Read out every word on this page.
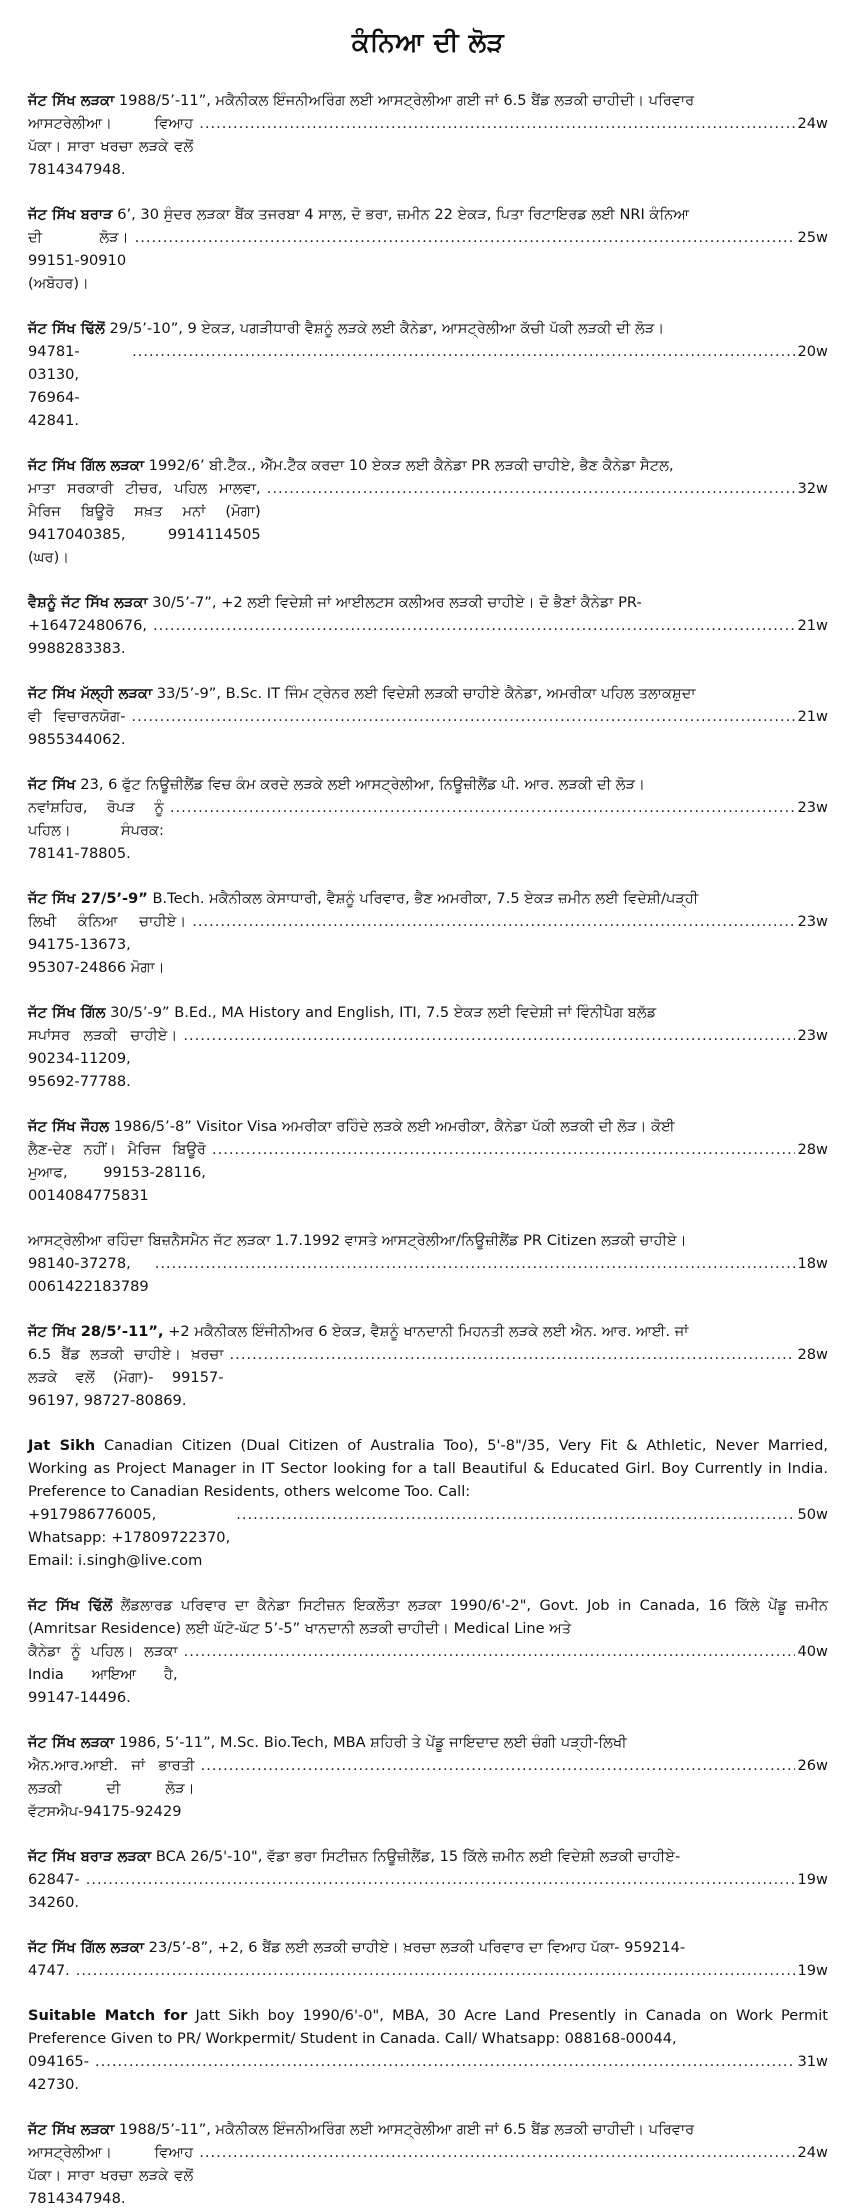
ਕੰਨਿਆ ਦੀ ਲੋੜ
ਜੱਟ ਸਿੱਖ ਲੜਕਾ 1988/5’-11”, ਮਕੈਨੀਕਲ ਇੰਜਨੀਅਰਿੰਗ ਲਈ ਆਸਟ੍ਰੇਲੀਆ ਗਈ ਜਾਂ 6.5 ਬੈਂਡ ਲੜਕੀ ਚਾਹੀਦੀ। ਪਰਿਵਾਰ
ਆਸਟਰੇਲੀਆ। ਵਿਆਹ ਪੱਕਾ। ਸਾਰਾ ਖਰਚਾ ਲੜਕੇ ਵਲੋਂ 7814347948.
.....
24w
ਜੱਟ ਸਿੱਖ ਬਰਾੜ 6’, 30 ਸੁੰਦਰ ਲੜਕਾ ਬੈਂਕ ਤਜਰਬਾ 4 ਸਾਲ, ਦੋ ਭਰਾ, ਜ਼ਮੀਨ 22 ਏਕੜ, ਪਿਤਾ ਰਿਟਾਇਰਡ ਲਈ NRI ਕੰਨਿਆ
ਦੀ ਲੋੜ। 99151-90910 (ਅਬੋਹਰ)।
.....
25w
ਜੱਟ ਸਿੱਖ ਢਿੱਲੋਂ 29/5’-10”, 9 ਏਕੜ, ਪਗੜੀਧਾਰੀ ਵੈਸ਼ਨੂੰ ਲੜਕੇ ਲਈ ਕੈਨੇਡਾ, ਆਸਟ੍ਰੇਲੀਆ ਕੱਚੀ ਪੱਕੀ ਲੜਕੀ ਦੀ ਲੋੜ।
94781-03130, 76964-42841.
.....
20w
ਜੱਟ ਸਿੱਖ ਗਿੱਲ ਲੜਕਾ 1992/6’ ਬੀ.ਟੈੱਕ., ਐੱਮ.ਟੈੱਕ ਕਰਦਾ 10 ਏਕੜ ਲਈ ਕੈਨੇਡਾ PR ਲੜਕੀ ਚਾਹੀਏ, ਭੈਣ ਕੈਨੇਡਾ ਸੈਟਲ,
ਮਾਤਾ ਸਰਕਾਰੀ ਟੀਚਰ, ਪਹਿਲ ਮਾਲਵਾ, ਮੈਰਿਜ ਬਿਊਰੋ ਸਖ਼ਤ ਮਨਾਂ (ਮੋਗਾ) 9417040385, 9914114505 (ਘਰ)।
.....
32w
ਵੈਸ਼ਨੂੰ ਜੱਟ ਸਿੱਖ ਲੜਕਾ 30/5’-7”, +2 ਲਈ ਵਿਦੇਸ਼ੀ ਜਾਂ ਆਈਲਟਸ ਕਲੀਅਰ ਲੜਕੀ ਚਾਹੀਏ। ਦੋ ਭੈਣਾਂ ਕੈਨੇਡਾ PR-
+16472480676, 9988283383.
.....
21w
ਜੱਟ ਸਿੱਖ ਮੱਲ੍ਹੀ ਲੜਕਾ 33/5’-9”, B.Sc. IT ਜਿੰਮ ਟ੍ਰੇਨਰ ਲਈ ਵਿਦੇਸ਼ੀ ਲੜਕੀ ਚਾਹੀਏ ਕੈਨੇਡਾ, ਅਮਰੀਕਾ ਪਹਿਲ ਤਲਾਕਸ਼ੁਦਾ
ਵੀ ਵਿਚਾਰਨਯੋਗ- 9855344062.
.....
21w
ਜੱਟ ਸਿੱਖ 23, 6 ਫੁੱਟ ਨਿਊਜ਼ੀਲੈਂਡ ਵਿਚ ਕੰਮ ਕਰਦੇ ਲੜਕੇ ਲਈ ਆਸਟ੍ਰੇਲੀਆ, ਨਿਊਜ਼ੀਲੈਂਡ ਪੀ. ਆਰ. ਲੜਕੀ ਦੀ ਲੋੜ।
ਨਵਾਂਸ਼ਹਿਰ, ਰੋਪੜ ਨੂੰ ਪਹਿਲ। ਸੰਪਰਕ: 78141-78805.
.....
23w
ਜੱਟ ਸਿੱਖ 27/5’-9” B.Tech. ਮਕੈਨੀਕਲ ਕੇਸਾਧਾਰੀ, ਵੈਸ਼ਨੂੰ ਪਰਿਵਾਰ, ਭੈਣ ਅਮਰੀਕਾ, 7.5 ਏਕੜ ਜ਼ਮੀਨ ਲਈ ਵਿਦੇਸ਼ੀ/ਪੜ੍ਹੀ
ਲਿਖੀ ਕੰਨਿਆ ਚਾਹੀਏ। 94175-13673, 95307-24866 ਮੋਗਾ।
.....
23w
ਜੱਟ ਸਿੱਖ ਗਿੱਲ 30/5’-9” B.Ed., MA History and English, ITI, 7.5 ਏਕੜ ਲਈ ਵਿਦੇਸ਼ੀ ਜਾਂ ਵਿੰਨੀਪੈਗ ਬਲੱਡ
ਸਪਾਂਸਰ ਲੜਕੀ ਚਾਹੀਏ। 90234-11209, 95692-77788.
.....
23w
ਜੱਟ ਸਿੱਖ ਜੌਹਲ 1986/5’-8” Visitor Visa ਅਮਰੀਕਾ ਰਹਿੰਦੇ ਲੜਕੇ ਲਈ ਅਮਰੀਕਾ, ਕੈਨੇਡਾ ਪੱਕੀ ਲੜਕੀ ਦੀ ਲੋੜ। ਕੋਈ
ਲੈਣ-ਦੇਣ ਨਹੀਂ। ਮੈਰਿਜ ਬਿਊਰੋ ਮੁਆਫ, 99153-28116, 0014084775831
.....
28w
ਆਸਟ੍ਰੇਲੀਆ ਰਹਿੰਦਾ ਬਿਜ਼ਨੈਸਮੈਨ ਜੱਟ ਲੜਕਾ 1.7.1992 ਵਾਸਤੇ ਆਸਟ੍ਰੇਲੀਆ/ਨਿਊਜ਼ੀਲੈਂਡ PR Citizen ਲੜਕੀ ਚਾਹੀਏ।
98140-37278, 0061422183789
.....
18w
ਜੱਟ ਸਿੱਖ 28/5’-11”, +2 ਮਕੈਨੀਕਲ ਇੰਜੀਨੀਅਰ 6 ਏਕੜ, ਵੈਸ਼ਨੂੰ ਖਾਨਦਾਨੀ ਮਿਹਨਤੀ ਲੜਕੇ ਲਈ ਐਨ. ਆਰ. ਆਈ. ਜਾਂ
6.5 ਬੈਂਡ ਲੜਕੀ ਚਾਹੀਏ। ਖ਼ਰਚਾ ਲੜਕੇ ਵਲੋਂ (ਮੋਗਾ)- 99157-96197, 98727-80869.
.....
28w
Jat Sikh Canadian Citizen (Dual Citizen of Australia Too), 5'-8"/35, Very Fit & Athletic, Never Married, Working as Project Manager in IT Sector looking for a tall Beautiful & Educated Girl. Boy Currently in India. Preference to Canadian Residents, others welcome Too. Call:
+917986776005, Whatsapp: +17809722370, Email: i.singh@live.com
.....
50w
ਜੱਟ ਸਿੱਖ ਢਿੱਲੋਂ ਲੈਂਡਲਾਰਡ ਪਰਿਵਾਰ ਦਾ ਕੈਨੇਡਾ ਸਿਟੀਜ਼ਨ ਇਕਲੌਤਾ ਲੜਕਾ 1990/6'-2", Govt. Job in Canada, 16 ਕਿੱਲੇ ਪੇਂਡੂ ਜ਼ਮੀਨ (Amritsar Residence) ਲਈ ਘੱਟੋ-ਘੱਟ 5’-5” ਖਾਨਦਾਨੀ ਲੜਕੀ ਚਾਹੀਦੀ। Medical Line ਅਤੇ
ਕੈਨੇਡਾ ਨੂੰ ਪਹਿਲ। ਲੜਕਾ India ਆਇਆ ਹੈ, 99147-14496.
.....
40w
ਜੱਟ ਸਿੱਖ ਲੜਕਾ 1986, 5’-11”, M.Sc. Bio.Tech, MBA ਸ਼ਹਿਰੀ ਤੇ ਪੇਂਡੂ ਜਾਇਦਾਦ ਲਈ ਚੰਗੀ ਪੜ੍ਹੀ-ਲਿਖੀ
ਐਨ.ਆਰ.ਆਈ. ਜਾਂ ਭਾਰਤੀ ਲੜਕੀ ਦੀ ਲੋੜ। ਵੱਟਸਐਪ-94175-92429
.....
26w
ਜੱਟ ਸਿੱਖ ਬਰਾੜ ਲੜਕਾ BCA 26/5'-10", ਵੱਡਾ ਭਰਾ ਸਿਟੀਜ਼ਨ ਨਿਊਜ਼ੀਲੈਂਡ, 15 ਕਿੱਲੇ ਜ਼ਮੀਨ ਲਈ ਵਿਦੇਸ਼ੀ ਲੜਕੀ ਚਾਹੀਏ-
62847-34260.
.....
19w
ਜੱਟ ਸਿੱਖ ਗਿੱਲ ਲੜਕਾ 23/5’-8”, +2, 6 ਬੈਂਡ ਲਈ ਲੜਕੀ ਚਾਹੀਏ। ਖ਼ਰਚਾ ਲੜਕੀ ਪਰਿਵਾਰ ਦਾ ਵਿਆਹ ਪੱਕਾ- 959214-
4747.
.....	19w
Suitable Match for Jatt Sikh boy 1990/6'-0", MBA, 30 Acre Land Presently in Canada on Work Permit Preference Given to PR/ Workpermit/ Student in Canada. Call/ Whatsapp: 088168-00044,
094165-42730.
.....
31w
ਜੱਟ ਸਿੱਖ ਲੜਕਾ 1988/5’-11”, ਮਕੈਨੀਕਲ ਇੰਜਨੀਅਰਿੰਗ ਲਈ ਆਸਟ੍ਰੇਲੀਆ ਗਈ ਜਾਂ 6.5 ਬੈਂਡ ਲੜਕੀ ਚਾਹੀਦੀ। ਪਰਿਵਾਰ
ਆਸਟ੍ਰੇਲੀਆ। ਵਿਆਹ ਪੱਕਾ। ਸਾਰਾ ਖਰਚਾ ਲੜਕੇ ਵਲੋਂ 7814347948.
.....
24w
